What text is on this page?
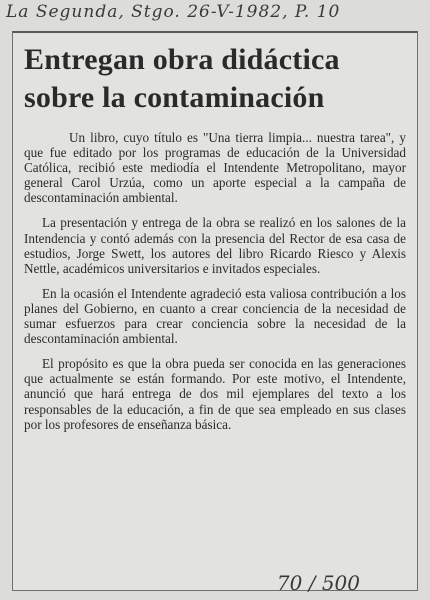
La Segunda, Stgo. 26-V-1982, P. 10
Entregan obra didáctica
sobre la contaminación

Un libro, cuyo título es "Una tierra limpia... nuestra tarea", y que fue editado por los programas de educación de la Universidad Católica, recibió este mediodía el Intendente Metropolitano, mayor general Carol Urzúa, como un aporte especial a la campaña de descontaminación ambiental.

La presentación y entrega de la obra se realizó en los salones de la Intendencia y contó además con la presencia del Rector de esa casa de estudios, Jorge Swett, los autores del libro Ricardo Riesco y Alexis Nettle, académicos universitarios e invitados especiales.

En la ocasión el Intendente agradeció esta valiosa contribución a los planes del Gobierno, en cuanto a crear conciencia de la necesidad de sumar esfuerzos para crear conciencia sobre la necesidad de la descontaminación ambiental.

El propósito es que la obra pueda ser conocida en las generaciones que actualmente se están formando. Por este motivo, el Intendente, anunció que hará entrega de dos mil ejemplares del texto a los responsables de la educación, a fin de que sea empleado en sus clases por los profesores de enseñanza básica.

70 / 500
